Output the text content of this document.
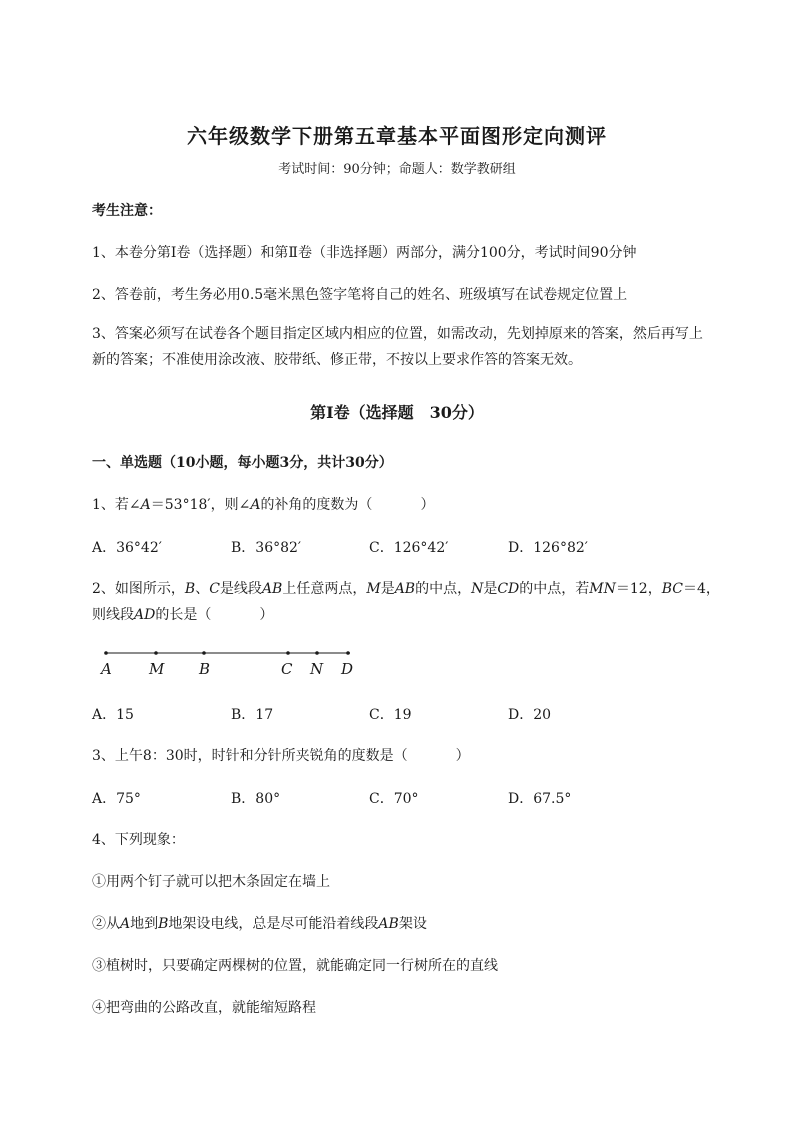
六年级数学下册第五章基本平面图形定向测评
考试时间：90分钟；命题人：数学教研组
考生注意：
1、本卷分第I卷（选择题）和第Ⅱ卷（非选择题）两部分，满分100分，考试时间90分钟
2、答卷前，考生务必用0.5毫米黑色签字笔将自己的姓名、班级填写在试卷规定位置上
3、答案必须写在试卷各个题目指定区域内相应的位置，如需改动，先划掉原来的答案，然后再写上新的答案；不准使用涂改液、胶带纸、修正带，不按以上要求作答的答案无效。
第I卷（选择题　30分）
一、单选题（10小题，每小题3分，共计30分）
1、若∠A＝53°18′，则∠A的补角的度数为（	）
A．36°42′	B．36°82′	C．126°42′	D．126°82′
2、如图所示，B、C是线段AB上任意两点，M是AB的中点，N是CD的中点，若MN＝12，BC＝4，
则线段AD的长是（	）
A M B	C N D
A．15	B．17	C．19	D．20
3、上午8：30时，时针和分针所夹锐角的度数是（	）
A．75°	B．80°	C．70°	D．67.5°
4、下列现象：
①用两个钉子就可以把木条固定在墙上
②从A地到B地架设电线，总是尽可能沿着线段AB架设
③植树时，只要确定两棵树的位置，就能确定同一行树所在的直线
④把弯曲的公路改直，就能缩短路程
